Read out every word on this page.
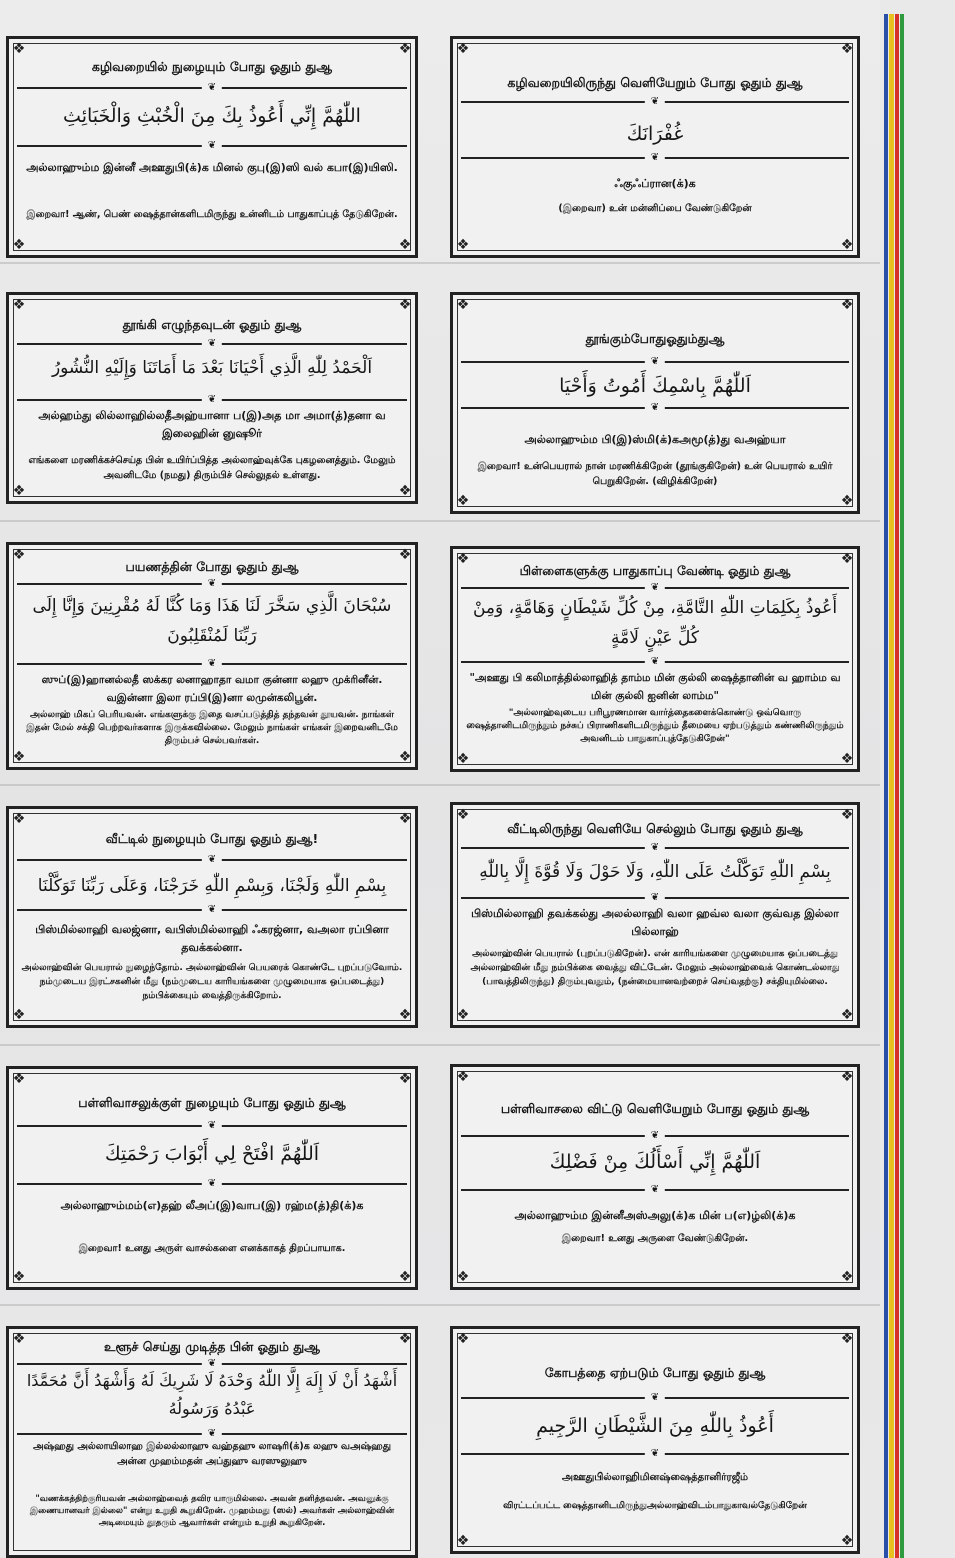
❖	❖
❖	❖
கழிவறையில் நுழையும் போது ஓதும் துஆ
❦
اللّٰهُمَّ إِنِّي أَعُوذُ بِكَ مِنَ الْخُبْثِ وَالْخَبَائِثِ
❦
அல்லாஹும்ம இன்னீ அஊதுபி(க்)க மினல் குபு(இ)ஸி வல் கபா(இ)யிஸி.
இறைவா! ஆண், பெண் ஷைத்தான்களிடமிருந்து உன்னிடம் பாதுகாப்புத் தேடுகிறேன்.
❖	❖
❖	❖
கழிவறையிலிருந்து வெளியேறும் போது ஓதும் துஆ
❦
غُفْرَانَكَ
❦
ஃகுஃப்ரான(க்)க
(இறைவா) உன் மன்னிப்பை வேண்டுகிறேன்
❖	❖
❖	❖
தூங்கி எழுந்தவுடன் ஓதும் துஆ
❦
اَلْحَمْدُ لِلّٰهِ الَّذِي أَحْيَانَا بَعْدَ مَا أَمَاتَنَا وَإِلَيْهِ النُّشُورُ
❦
அல்ஹம்து லில்லாஹில்லதீஅஹ்யானா ப(இ)அத மா அமா(த்)தனா வ இலைஹின் னுஷூர்
எங்களை மரணிக்கச்செய்த பின் உயிர்ப்பித்த அல்லாஹ்வுக்கே புகழனைத்தும். மேலும் அவனிடமே (நமது) திரும்பிச் செல்லுதல் உள்ளது.
❖	❖
❖	❖
தூங்கும்போதுஓதும்துஆ
❦
اَللّٰهُمَّ بِاسْمِكَ أَمُوتُ وَأَحْيَا
❦
அல்லாஹும்ம பி(இ)ஸ்மி(க்)கஅமூ(த்)து வஅஹ்யா
இறைவா! உன்பெயரால் நான் மரணிக்கிறேன் (தூங்குகிறேன்) உன் பெயரால் உயிர் பெறுகிறேன். (விழிக்கிறேன்)
❖	❖
❖	❖
பயணத்தின் போது ஓதும் துஆ
❦
سُبْحَانَ الَّذِي سَخَّرَ لَنَا هَذَا وَمَا كُنَّا لَهُ مُقْرِنِينَ وَإِنَّا إِلَى رَبِّنَا لَمُنْقَلِبُونَ
❦
ஸுப்(இ)ஹானல்லதீ ஸக்கர லனாஹாதா வமா குன்னா லஹு முக்ரினீன். வஇன்னா இலா ரப்பி(இ)னா லமுன்கலிபூன்.
அல்லாஹ் மிகப் பெரியவன். எங்களுக்கு இதை வசப்படுத்தித் தந்தவன் தூயவன். நாங்கள் இதன் மேல் சக்தி பெற்றவர்களாக இருக்கவில்லை. மேலும் நாங்கள் எங்கள் இறைவனிடமே திரும்பச் செல்பவர்கள்.
❖	❖
❖	❖
பிள்ளைகளுக்கு பாதுகாப்பு வேண்டி ஓதும் துஆ
❦
أَعُوذُ بِكَلِمَاتِ اللّٰهِ التَّامَّةِ، مِنْ كُلِّ شَيْطَانٍ وَهَامَّةٍ، وَمِنْ كُلِّ عَيْنٍ لَامَّةٍ
❦
"அஊது பி கலிமாத்தில்லாஹித் தாம்ம மின் குல்லி ஷைத்தானின் வ ஹாம்ம வ மின் குல்லி ஐனின் லாம்ம"
"அல்லாஹ்வுடைய பரிபூரணமான வார்த்தைகளைக்கொண்டு ஒவ்வொரு ஷைத்தானிடமிருந்தும் நச்சுப் பிராணிகளிடமிருந்தும் தீமையை ஏற்படுத்தும் கண்ணிலிருந்தும் அவனிடம் பாதுகாப்புத்தேடுகிறேன்"
❖	❖
❖	❖
வீட்டில் நுழையும் போது ஓதும் துஆ!
❦
بِسْمِ اللّٰهِ وَلَجْنَا، وَبِسْمِ اللّٰهِ خَرَجْنَا، وَعَلَى رَبِّنَا تَوَكَّلْنَا
❦
பிஸ்மில்லாஹி வலஜ்னா, வபிஸ்மில்லாஹி ஃகரஜ்னா, வஅலா ரப்பினா தவக்கல்னா.
அல்லாஹ்வின் பெயரால் நுழைந்தோம். அல்லாஹ்வின் பெயரைக் கொண்டே புறப்படுவோம். நம்முடைய இரட்சகனின் மீது (நம்முடைய காரியங்களை முழுமையாக ஒப்படைத்து) நம்பிக்கையும் வைத்திருக்கிறோம்.
❖	❖
❖	❖
வீட்டிலிருந்து வெளியே செல்லும் போது ஓதும் துஆ
❦
بِسْمِ اللّٰهِ تَوَكَّلْتُ عَلَى اللّٰهِ، وَلَا حَوْلَ وَلَا قُوَّةَ إِلَّا بِاللّٰهِ
❦
பிஸ்மில்லாஹி தவக்கல்து அலல்லாஹி வலா ஹவ்ல வலா குவ்வத இல்லா பில்லாஹ்
அல்லாஹ்வின் பெயரால் (புறப்படுகிறேன்). என் காரியங்களை முழுமையாக ஒப்படைத்து அல்லாஹ்வின் மீது நம்பிக்கை வைத்து விட்டேன். மேலும் அல்லாஹ்வைக் கொண்டல்லாது (பாவத்திலிருந்து) திரும்புவதும், (நன்மையானவற்றைச் செய்வதற்கு) சக்தியுமில்லை.
❖	❖
❖	❖
பள்ளிவாசலுக்குள் நுழையும் போது ஓதும் துஆ
❦
اَللّٰهُمَّ افْتَحْ لِي أَبْوَابَ رَحْمَتِكَ
❦
அல்லாஹும்மம்(எ)தஹ் லீஅப்(இ)வாப(இ) ரஹ்ம(த்)தி(க்)க
இறைவா! உனது அருள் வாசல்களை எனக்காகத் திறப்பாயாக.
❖	❖
❖	❖
பள்ளிவாசலை விட்டு வெளியேறும் போது ஓதும் துஆ
❦
اَللّٰهُمَّ إِنِّي أَسْأَلُكَ مِنْ فَضْلِكَ
❦
அல்லாஹும்ம இன்னீஅஸ்அலு(க்)க மின் ப(எ)ழ்லி(க்)க
இறைவா! உனது அருளை வேண்டுகிறேன்.
❖	❖
உளூச் செய்து முடித்த பின் ஓதும் துஆ
❦
أَشْهَدُ أَنْ لَا إِلَهَ إِلَّا اللّٰهُ وَحْدَهُ لَا شَرِيكَ لَهُ وَأَشْهَدُ أَنَّ مُحَمَّدًا عَبْدُهُ وَرَسُولُهُ
❦
அஷ்ஹது அல்லாயிலாஹ இல்லல்லாஹு வஹ்தஹு லாஷரி(க்)க லஹு வஅஷ்ஹது அன்ன முஹம்மதன் அப்துஹு வரஸுலுஹு
"வணக்கத்திற்குரியவன் அல்லாஹ்வைத் தவிர யாருமில்லை. அவன் தனித்தவன். அவனுக்கு இணையானவர் இல்லை" என்று உறுதி கூறுகிறேன். முஹம்மது (ஸல்) அவர்கள் அல்லாஹ்வின் அடிமையும் தூதரும் ஆவார்கள் என்றும் உறுதி கூறுகிறேன்.
❖	❖
❖	❖
கோபத்தை ஏற்படும் போது ஓதும் துஆ
❦
أَعُوذُ بِاللّٰهِ مِنَ الشَّيْطَانِ الرَّجِيمِ
❦
அஊதுபில்லாஹிமினஷ்ஷைத்தானிர்ரஜீம்
விரட்டப்பட்ட ஷைத்தானிடமிருந்துஅல்லாஹ்விடம்பாதுகாவல்தேடுகிறேன்
